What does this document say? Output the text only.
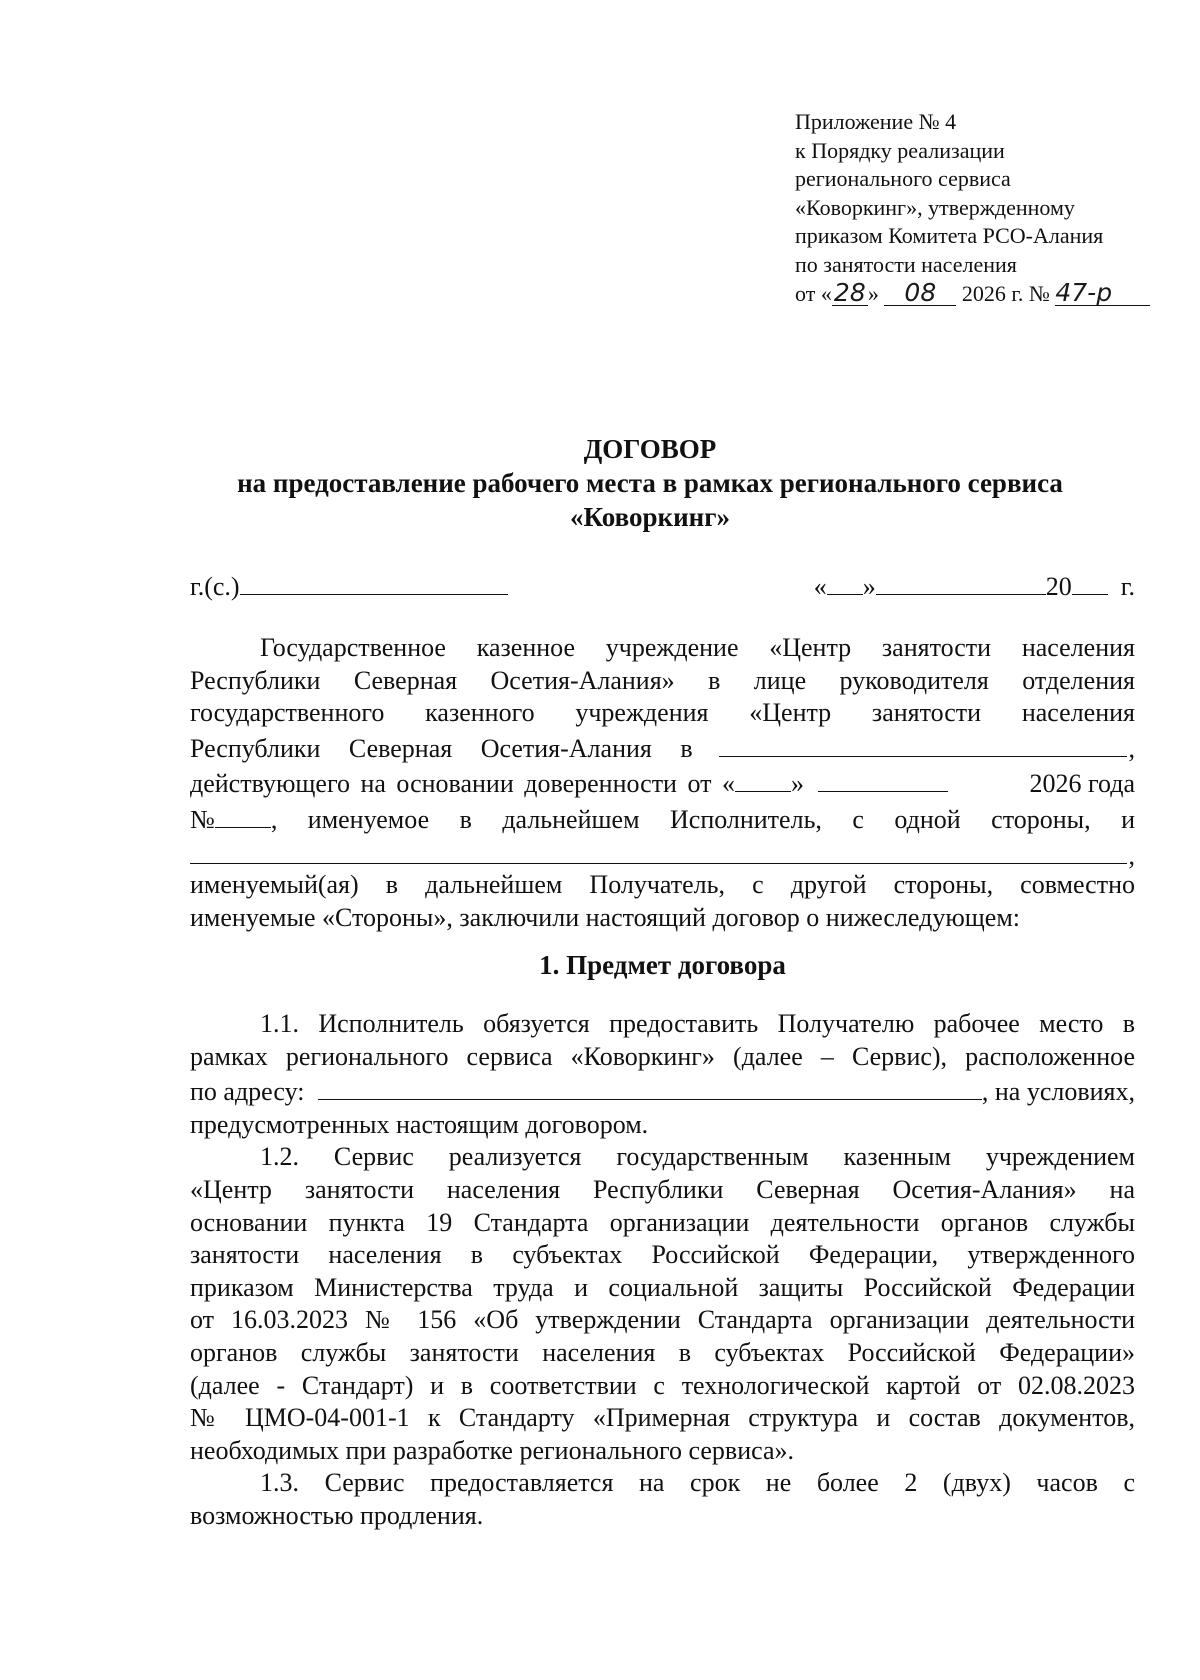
Приложение № 4
к Порядку реализации
регионального сервиса
«Коворкинг», утвержденному
приказом Комитета РСО-Алания
по занятости населения
от «28» 08 2026 г. № 47-р
ДОГОВОР
на предоставление рабочего места в рамках регионального сервиса
«Коворкинг»
г.(с.)	« »	20 г.

Государственное казенное учреждение «Центр занятости населения

Республики Северная Осетия-Алания» в лице руководителя отделения

государственного казенного учреждения «Центр занятости населения

Республики Северная Осетия-Алания в	,

действующего на основании доверенности от « »	2026 года

№ , именуемое в дальнейшем Исполнитель, с одной стороны, и

,

именуемый(ая) в дальнейшем Получатель, с другой стороны, совместно

именуемые «Стороны», заключили настоящий договор о нижеследующем:

1. Предмет договора

1.1. Исполнитель обязуется предоставить Получателю рабочее место в

рамках регионального сервиса «Коворкинг» (далее – Сервис), расположенное

по адресу:	, на условиях,

предусмотренных настоящим договором.

1.2. Сервис реализуется государственным казенным учреждением

«Центр занятости населения Республики Северная Осетия-Алания» на

основании пункта 19 Стандарта организации деятельности органов службы

занятости населения в субъектах Российской Федерации, утвержденного

приказом Министерства труда и социальной защиты Российской Федерации

от 16.03.2023 № 156 «Об утверждении Стандарта организации деятельности

органов службы занятости населения в субъектах Российской Федерации»

(далее - Стандарт) и в соответствии с технологической картой от 02.08.2023

№ ЦМО-04-001-1 к Стандарту «Примерная структура и состав документов,

необходимых при разработке регионального сервиса».

1.3. Сервис предоставляется на срок не более 2 (двух) часов с

возможностью продления.
